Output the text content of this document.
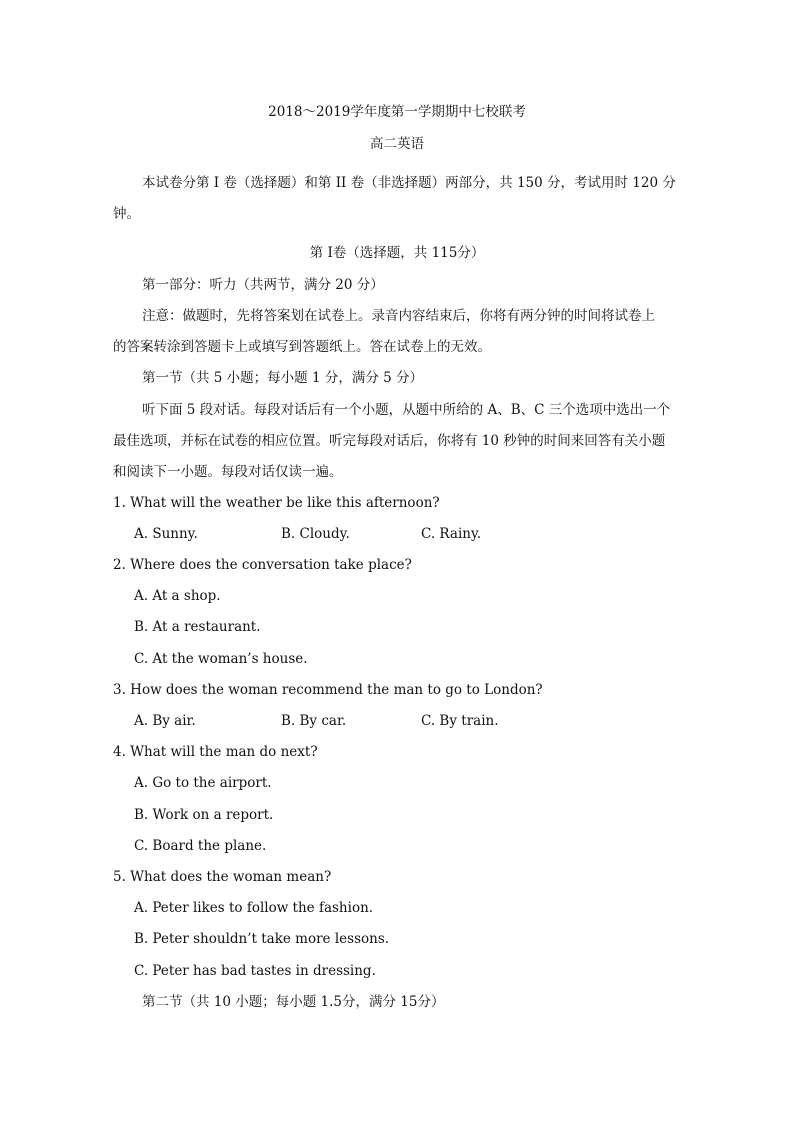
2018～2019学年度第一学期期中七校联考
高二英语
本试卷分第 I 卷（选择题）和第 II 卷（非选择题）两部分，共 150 分，考试用时 120 分
钟。
第 I卷（选择题，共 115分）
第一部分：听力（共两节，满分 20 分）
注意：做题时，先将答案划在试卷上。录音内容结束后，你将有两分钟的时间将试卷上
的答案转涂到答题卡上或填写到答题纸上。答在试卷上的无效。
第一节（共 5 小题；每小题 1 分，满分 5 分）
听下面 5 段对话。每段对话后有一个小题，从题中所给的 A、B、C 三个选项中选出一个
最佳选项，并标在试卷的相应位置。听完每段对话后，你将有 10 秒钟的时间来回答有关小题
和阅读下一小题。每段对话仅读一遍。
1. What will the weather be like this afternoon?
A. Sunny.	B. Cloudy.	C. Rainy.
2. Where does the conversation take place?
A. At a shop.
B. At a restaurant.
C. At the woman’s house.
3. How does the woman recommend the man to go to London?
A. By air.	B. By car.	C. By train.
4. What will the man do next?
A. Go to the airport.
B. Work on a report.
C. Board the plane.
5. What does the woman mean?
A. Peter likes to follow the fashion.
B. Peter shouldn’t take more lessons.
C. Peter has bad tastes in dressing.
第二节（共 10 小题；每小题 1.5分，满分 15分）
